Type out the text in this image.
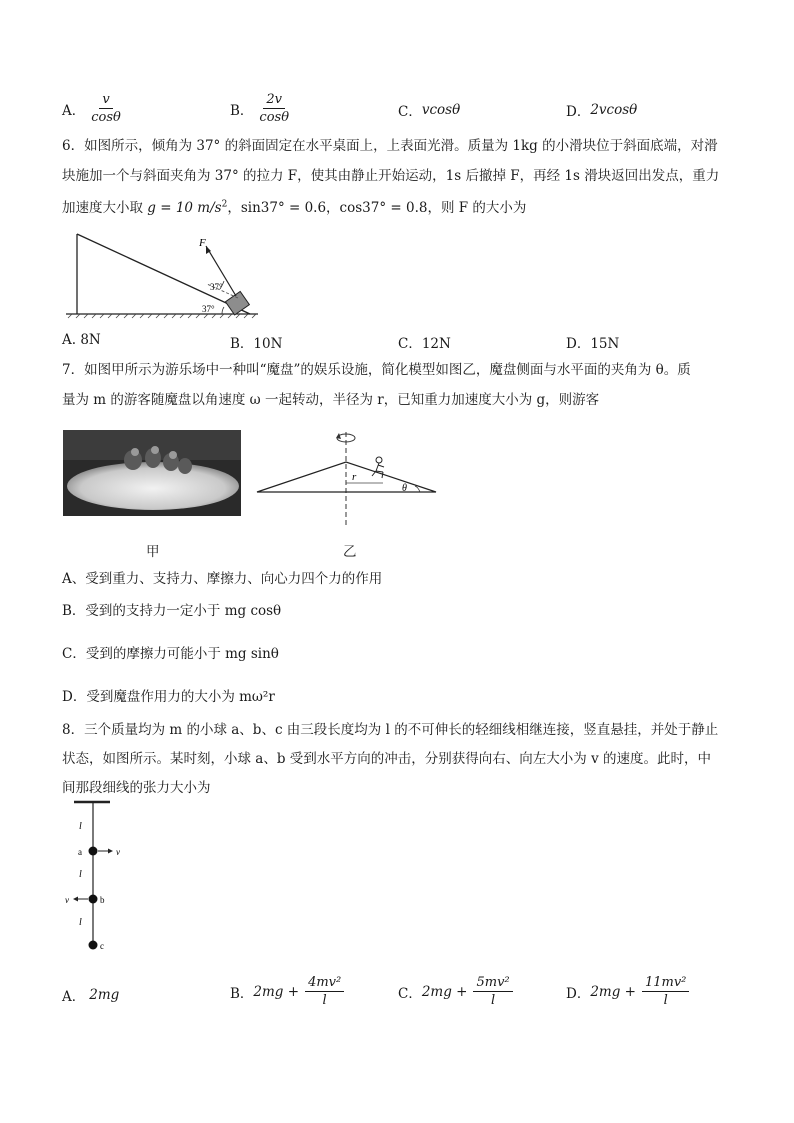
A． $\frac{v}{\cos\theta}$	B． $\frac{2v}{\cos\theta}$	C． vcosθ	D． 2vcosθ
6．如图所示，倾角为 37° 的斜面固定在水平桌面上，上表面光滑。质量为 1kg 的小滑块位于斜面底端，对滑
块施加一个与斜面夹角为 37° 的拉力 F，使其由静止开始运动，1s 后撤掉 F，再经 1s 滑块返回出发点，重力
加速度大小取 g = 10 $m/s^2$，sin37° = 0.6，cos37° = 0.8，则 F 的大小为
F
37°
37°
A. 8N	B．10N	C．12N	D．15N
7．如图甲所示为游乐场中一种叫“魔盘”的娱乐设施，简化模型如图乙，魔盘侧面与水平面的夹角为 θ。质
量为 m 的游客随魔盘以角速度 ω 一起转动，半径为 r，已知重力加速度大小为 g，则游客
甲
r
θ
乙
A、受到重力、支持力、摩擦力、向心力四个力的作用
B．受到的支持力一定小于 mg cosθ
C．受到的摩擦力可能小于 mg sinθ
D．受到魔盘作用力的大小为 mω²r
8．三个质量均为 m 的小球 a、b、c 由三段长度均为 l 的不可伸长的轻细线相继连接，竖直悬挂，并处于静止
状态，如图所示。某时刻，小球 a、b 受到水平方向的冲击，分别获得向右、向左大小为 v 的速度。此时，中
间那段细线的张力大小为
l
l
l
a
b
c
v
v
A． 2mg	B． $2mg + \frac{\text{4mv²}}{l}$	C． $2mg + \frac{\text{5mv²}}{l}$	D． $2mg + \frac{\text{11mv²}}{l}$
